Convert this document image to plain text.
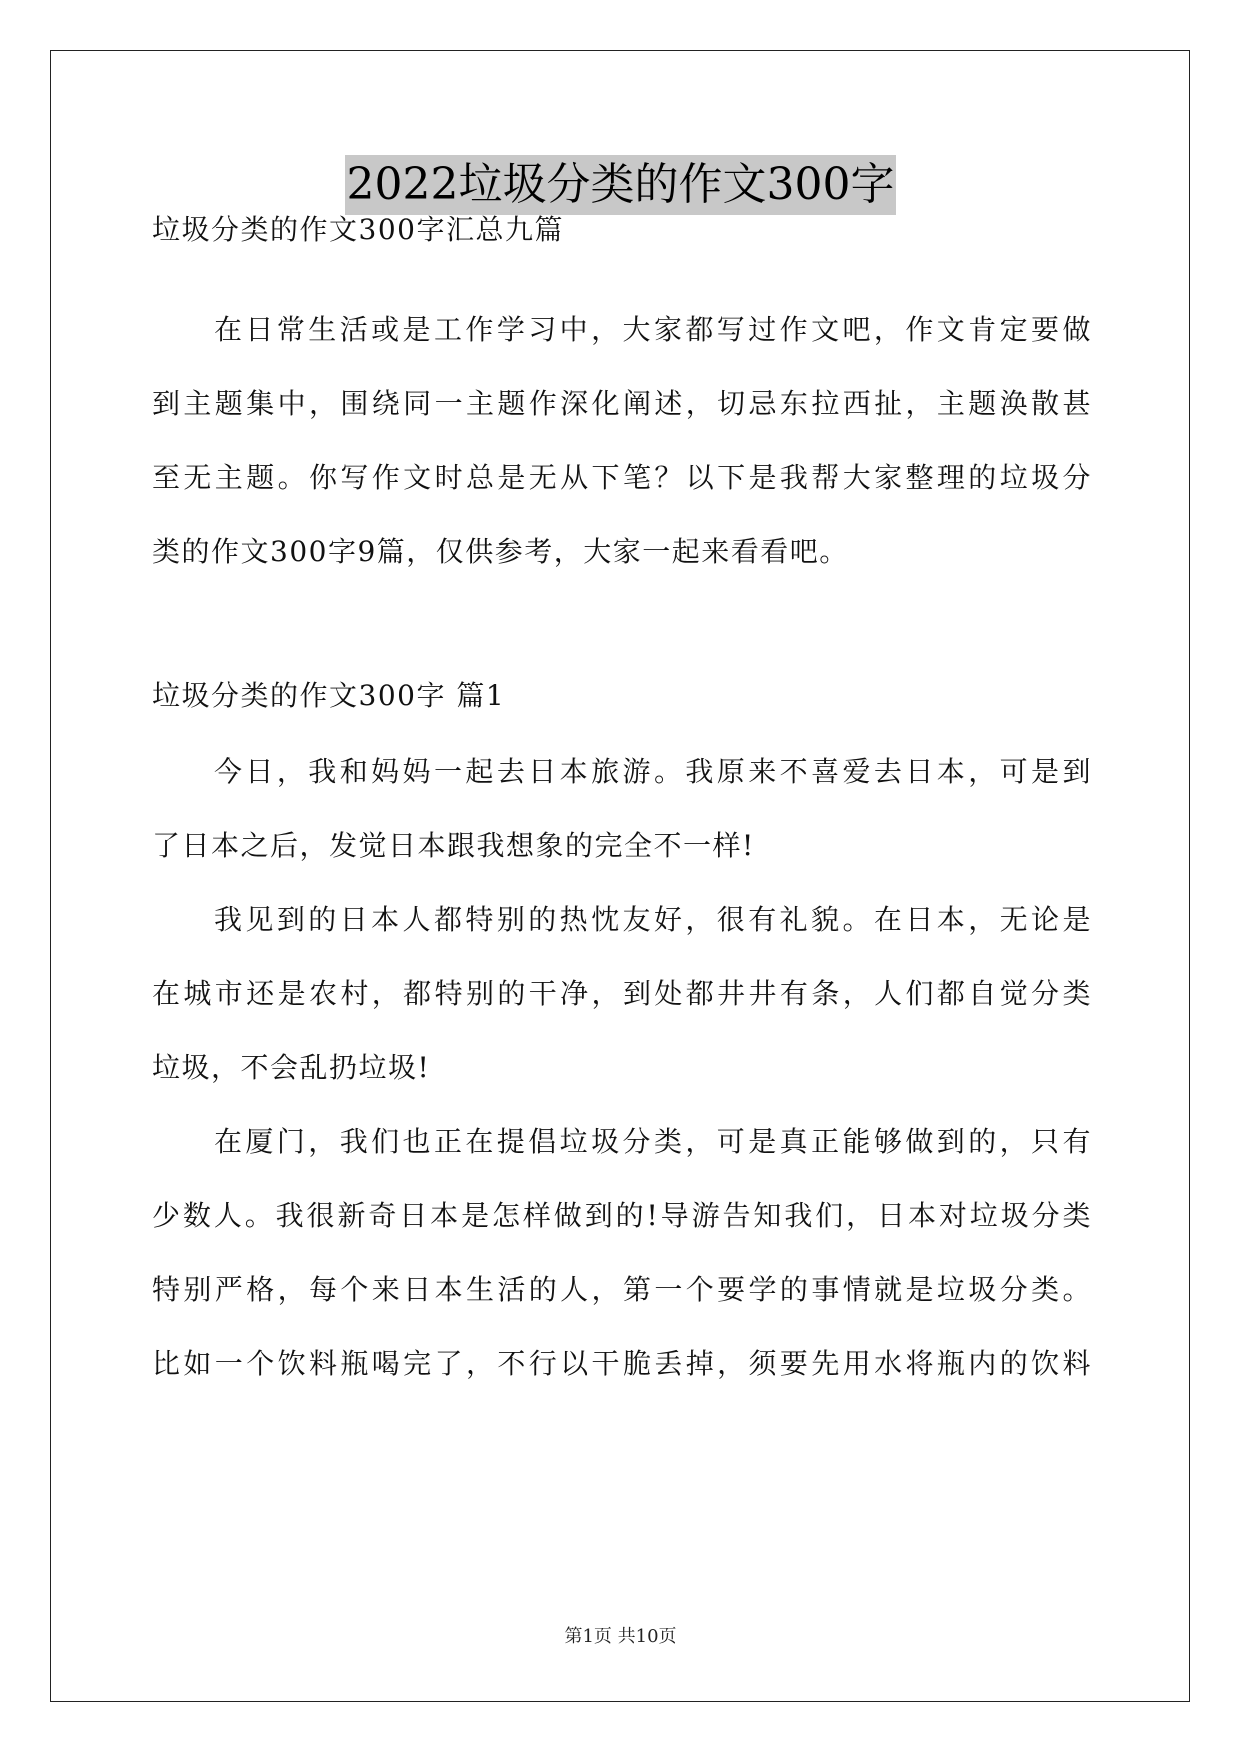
2022垃圾分类的作文300字
垃圾分类的作文300字汇总九篇
在日常生活或是工作学习中，大家都写过作文吧，作文肯定要做
到主题集中，围绕同一主题作深化阐述，切忌东拉西扯，主题涣散甚
至无主题。你写作文时总是无从下笔？以下是我帮大家整理的垃圾分
类的作文300字9篇，仅供参考，大家一起来看看吧。
垃圾分类的作文300字 篇1
今日，我和妈妈一起去日本旅游。我原来不喜爱去日本，可是到
了日本之后，发觉日本跟我想象的完全不一样!
我见到的日本人都特别的热忱友好，很有礼貌。在日本，无论是
在城市还是农村，都特别的干净，到处都井井有条，人们都自觉分类
垃圾，不会乱扔垃圾!
在厦门，我们也正在提倡垃圾分类，可是真正能够做到的，只有
少数人。我很新奇日本是怎样做到的!导游告知我们，日本对垃圾分类
特别严格，每个来日本生活的人，第一个要学的事情就是垃圾分类。
比如一个饮料瓶喝完了，不行以干脆丢掉，须要先用水将瓶内的饮料
第1页 共10页
